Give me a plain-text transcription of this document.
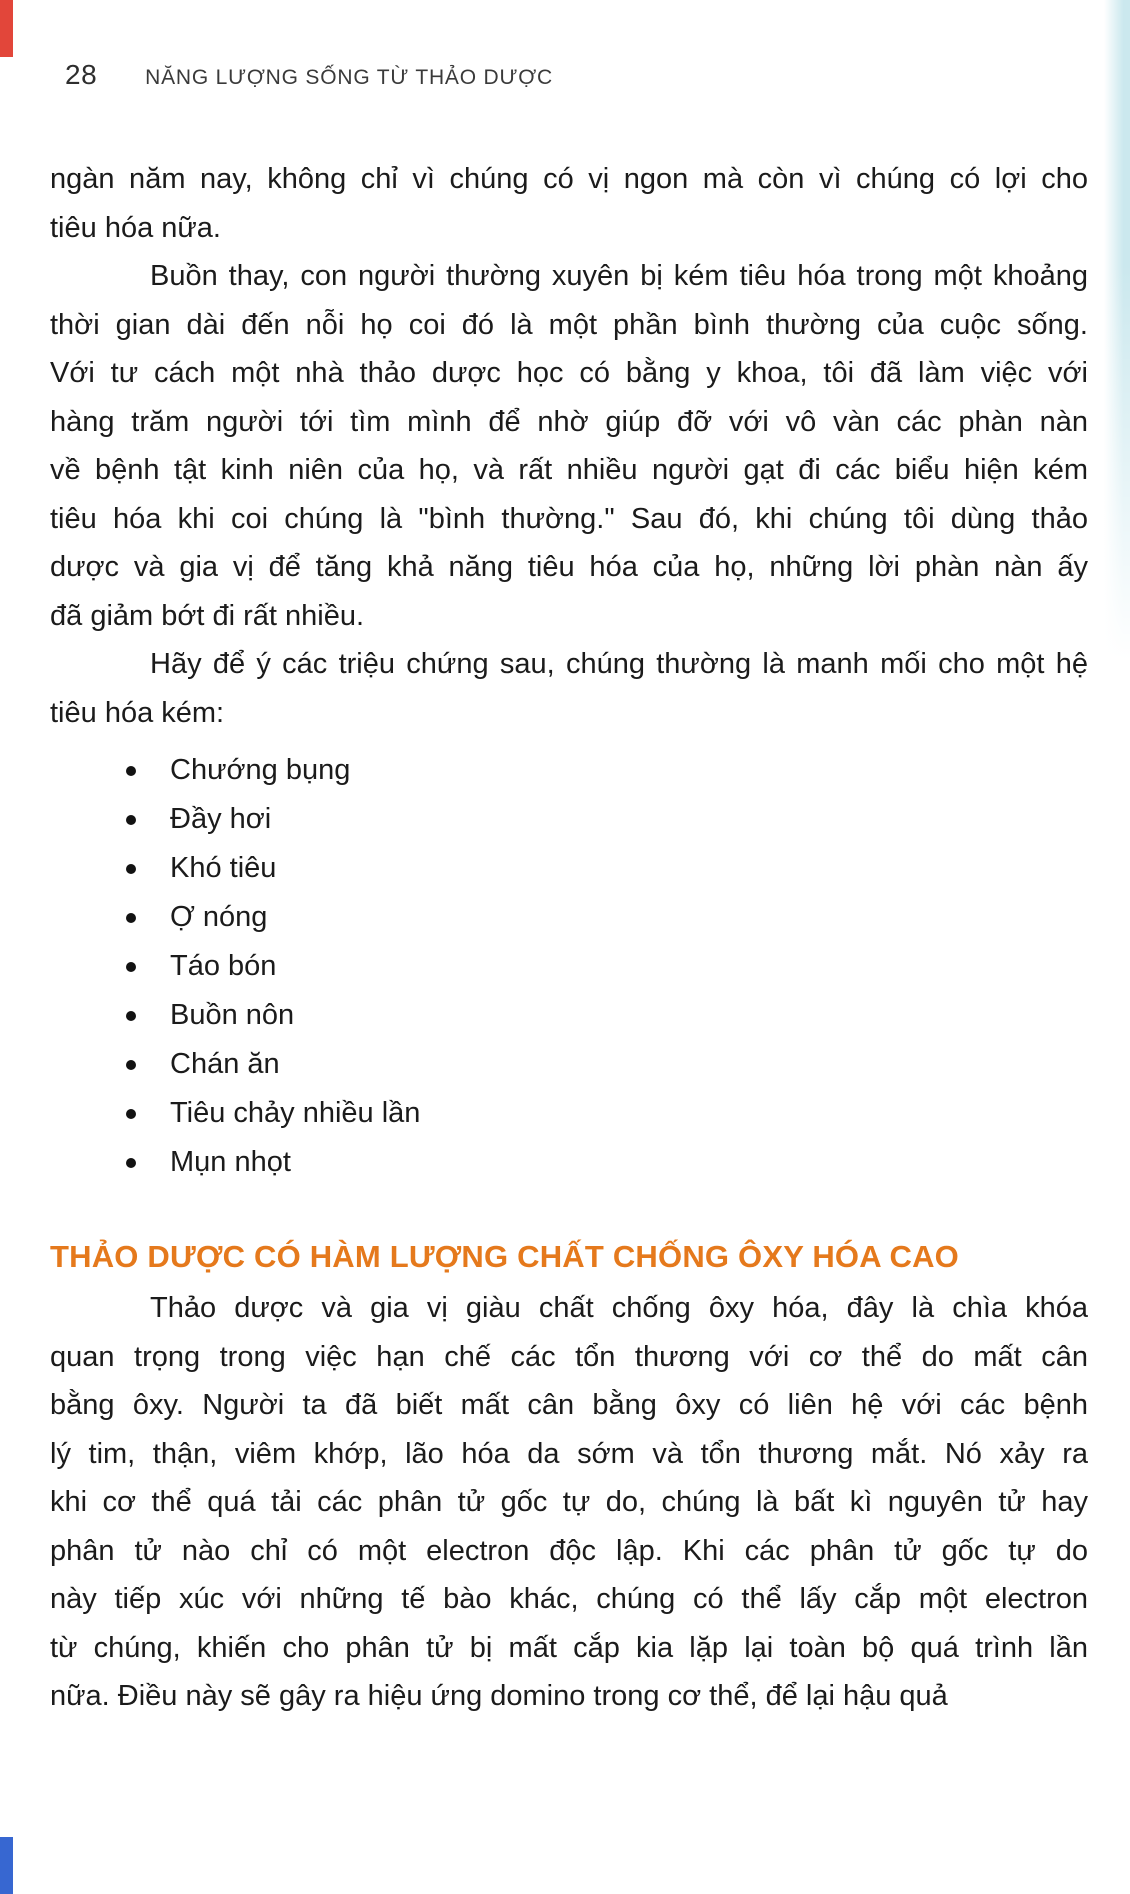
28 NĂNG LƯỢNG SỐNG TỪ THẢO DƯỢC
ngàn năm nay, không chỉ vì chúng có vị ngon mà còn vì chúng có lợi cho
tiêu hóa nữa.
Buồn thay, con người thường xuyên bị kém tiêu hóa trong một khoảng
thời gian dài đến nỗi họ coi đó là một phần bình thường của cuộc sống.
Với tư cách một nhà thảo dược học có bằng y khoa, tôi đã làm việc với
hàng trăm người tới tìm mình để nhờ giúp đỡ với vô vàn các phàn nàn
về bệnh tật kinh niên của họ, và rất nhiều người gạt đi các biểu hiện kém
tiêu hóa khi coi chúng là "bình thường." Sau đó, khi chúng tôi dùng thảo
dược và gia vị để tăng khả năng tiêu hóa của họ, những lời phàn nàn ấy
đã giảm bớt đi rất nhiều.
Hãy để ý các triệu chứng sau, chúng thường là manh mối cho một hệ
tiêu hóa kém:
Chướng bụng
Đầy hơi
Khó tiêu
Ợ nóng
Táo bón
Buồn nôn
Chán ăn
Tiêu chảy nhiều lần
Mụn nhọt
THẢO DƯỢC CÓ HÀM LƯỢNG CHẤT CHỐNG ÔXY HÓA CAO
Thảo dược và gia vị giàu chất chống ôxy hóa, đây là chìa khóa
quan trọng trong việc hạn chế các tổn thương với cơ thể do mất cân
bằng ôxy. Người ta đã biết mất cân bằng ôxy có liên hệ với các bệnh
lý tim, thận, viêm khớp, lão hóa da sớm và tổn thương mắt. Nó xảy ra
khi cơ thể quá tải các phân tử gốc tự do, chúng là bất kì nguyên tử hay
phân tử nào chỉ có một electron độc lập. Khi các phân tử gốc tự do
này tiếp xúc với những tế bào khác, chúng có thể lấy cắp một electron
từ chúng, khiến cho phân tử bị mất cắp kia lặp lại toàn bộ quá trình lần
nữa. Điều này sẽ gây ra hiệu ứng domino trong cơ thể, để lại hậu quả
